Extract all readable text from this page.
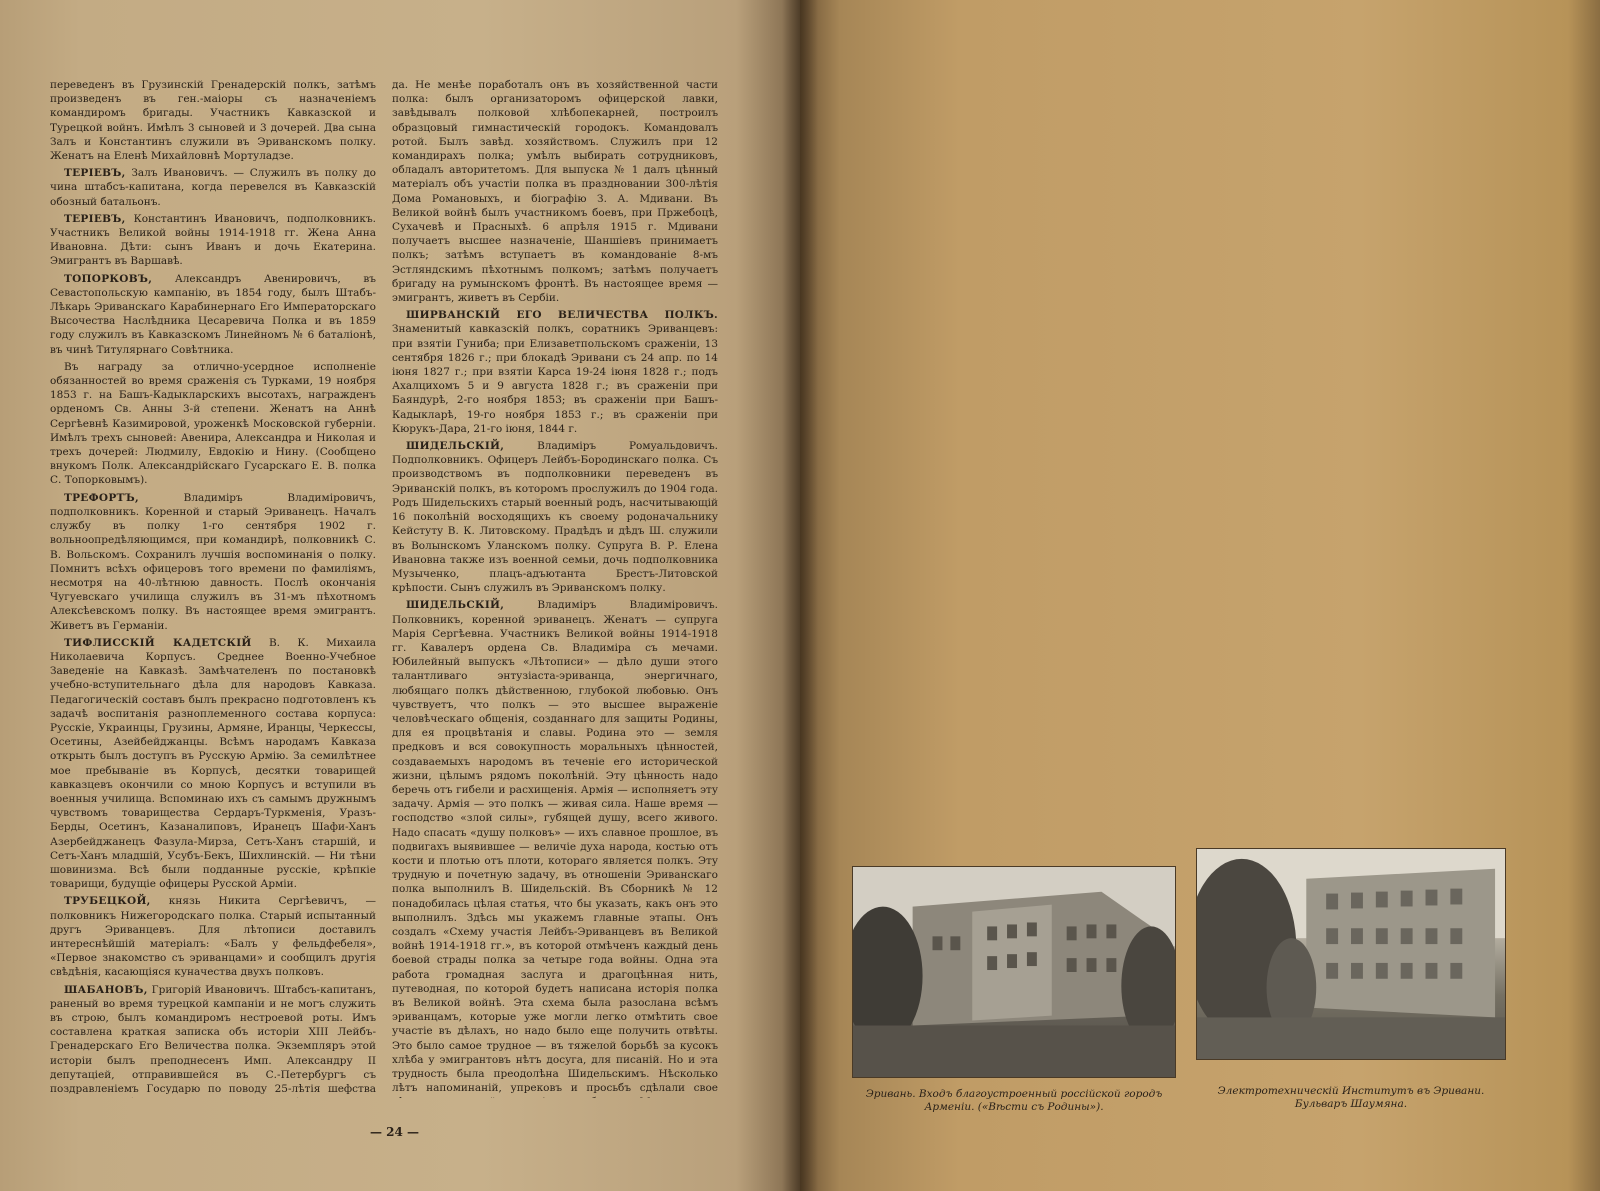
переведенъ въ Грузинскій Гренадерскій полкъ, затѣмъ произведенъ въ ген.-маіоры съ назначеніемъ командиромъ бригады. Участникъ Кавказской и Турецкой войнъ. Имѣлъ 3 сыновей и 3 дочерей. Два сына Залъ и Константинъ служили въ Эриванскомъ полку. Женатъ на Еленѣ Михайловнѣ Мортуладзе.

ТЕРІЕВЪ, Залъ Ивановичъ. — Служилъ въ полку до чина штабсъ-капитана, когда перевелся въ Кавказскій обозный батальонъ.

ТЕРІЕВЪ, Константинъ Ивановичъ, подполковникъ. Участникъ Великой войны 1914-1918 гг. Жена Анна Ивановна. Дѣти: сынъ Иванъ и дочь Екатерина. Эмигрантъ въ Варшавѣ.

ТОПОРКОВЪ, Александръ Авенировичъ, въ Севастопольскую кампанію, въ 1854 году, былъ Штабъ-Лѣкарь Эриванскаго Карабинернаго Его Императорскаго Высочества Наслѣдника Цесаревича Полка и въ 1859 году служилъ въ Кавказскомъ Линейномъ № 6 баталіонѣ, въ чинѣ Титулярнаго Совѣтника.

Въ награду за отлично-усердное исполненіе обязанностей во время сраженія съ Турками, 19 ноября 1853 г. на Башъ-Кадыкларскихъ высотахъ, награжденъ орденомъ Св. Анны 3-й степени. Женатъ на Аннѣ Сергѣевнѣ Казимировой, уроженкѣ Московской губерніи. Имѣлъ трехъ сыновей: Авенира, Александра и Николая и трехъ дочерей: Людмилу, Евдокію и Нину. (Сообщено внукомъ Полк. Александрійскаго Гусарскаго Е. В. полка С. Топорковымъ).

ТРЕФОРТЪ,	Владиміръ Владиміровичъ, подполковникъ. Коренной и старый Эриванецъ. Началъ службу въ полку 1-го сентября 1902 г. вольноопредѣляющимся, при командирѣ, полковникѣ С. В. Вольскомъ. Сохранилъ лучшія воспоминанія о полку. Помнитъ всѣхъ офицеровъ того времени по фамиліямъ, несмотря на 40-лѣтнюю давность. Послѣ окончанія Чугуевскаго училища служилъ въ 31-мъ пѣхотномъ Алексѣевскомъ полку. Въ настоящее время эмигрантъ. Живетъ въ Германіи.

ТИФЛИССКІЙ КАДЕТСКІЙ В. К. Михаила Николаевича Корпусъ. Среднее Военно-Учебное Заведеніе на Кавказѣ. Замѣчателенъ по постановкѣ учебно-вступительнаго дѣла для народовъ Кавказа. Педагогическій составъ былъ прекрасно подготовленъ къ задачѣ воспитанія разноплеменного состава корпуса: Русскіе, Украинцы, Грузины, Армяне, Иранцы, Черкессы, Осетины, Азейбейджанцы. Всѣмъ народамъ Кавказа открыть былъ доступъ въ Русскую Армію. За семилѣтнее мое пребываніе въ Корпусѣ, десятки товарищей кавказцевъ окончили со мною Корпусъ и вступили въ военныя училища. Вспоминаю ихъ съ самымъ дружнымъ чувствомъ товарищества Сердаръ-Туркменія, Уразъ-Берды, Осетинъ, Казаналиповъ, Иранецъ Шафи-Ханъ Азербейджанецъ Фазула-Мирза, Сетъ-Ханъ старшій, и Сетъ-Ханъ младшій, Усубъ-Бекъ, Шихлинскій. — Ни тѣни шовинизма. Всѣ были подданные русскіе, крѣпкіе товарищи, будущіе офицеры Русской Арміи.

ТРУБЕЦКОЙ, князь Никита Сергѣевичъ, — полковникъ Нижегородскаго полка. Старый испытанный другъ Эриванцевъ. Для лѣтописи доставилъ интереснѣйшій матеріалъ: «Балъ у фельдфебеля», «Первое знакомство съ эриванцами» и сообщилъ другія свѣдѣнія, касающіяся куначества двухъ полковъ.

ШАБАНОВЪ, Григорій Ивановичъ. Штабсъ-капитанъ, раненый во время турецкой кампаніи и не могъ служить въ строю, былъ командиромъ нестроевой роты. Имъ составлена краткая записка объ исторіи XIII Лейбъ-Гренадерскаго Его Величества полка. Экземпляръ этой исторіи былъ преподнесенъ Имп. Александру II депутаціей, отправившейся въ С.-Петербургъ съ поздравленіемъ Государю по поводу 25-лѣтія шефства

да. Не менѣе поработалъ онъ въ хозяйственной части полка: былъ организаторомъ офицерской лавки, завѣдывалъ полковой хлѣбопекарней, построилъ образцовый гимнастическій городокъ. Командовалъ ротой. Былъ завѣд. хозяйствомъ. Служилъ при 12 командирахъ полка; умѣлъ выбирать сотрудниковъ, обладалъ авторитетомъ. Для выпуска № 1 далъ цѣнный матеріалъ объ участіи полка въ праздновании 300-лѣтія Дома Романовыхъ, и біографію З. А. Мдивани. Въ Великой войнѣ былъ участникомъ боевъ, при Пржебоцѣ, Сухачевѣ и Прасныхѣ. 6 апрѣля 1915 г. Мдивани получаетъ высшее назначеніе, Шаншіевъ принимаетъ полкъ; затѣмъ вступаетъ въ командованіе 8-мъ Эстляндскимъ пѣхотнымъ полкомъ; затѣмъ получаетъ бригаду на румынскомъ фронтѣ. Въ настоящее время — эмигрантъ, живетъ въ Сербіи.

ШИРВАНСКІЙ ЕГО ВЕЛИЧЕСТВА ПОЛКЪ. Знаменитый кавказскій полкъ, соратникъ Эриванцевъ: при взятіи Гуниба; при Елизаветпольскомъ сраженіи, 13 сентября 1826 г.; при блокадѣ Эривани съ 24 апр. по 14 іюня 1827 г.; при взятіи Карса 19-24 іюня 1828 г.; подъ Ахалцихомъ 5 и 9 августа 1828 г.; въ сраженіи при Баяндурѣ, 2-го ноября 1853; въ сраженіи при Башъ-Кадыкларѣ, 19-го ноября 1853 г.; въ сраженіи при Кюрукъ-Дара, 21-го іюня, 1844 г.

ШИДЕЛЬСКІЙ,	Владиміръ Ромуальдовичъ. Подполковникъ. Офицеръ Лейбъ-Бородинскаго полка. Съ производствомъ въ подполковники переведенъ въ Эриванскій полкъ, въ которомъ прослужилъ до 1904 года. Родъ Шидельскихъ старый военный родъ, насчитывающій 16 поколѣній восходящихъ къ своему родоначальнику Кейстуту В. К. Литовскому. Прадѣдъ и дѣдъ Ш. служили въ Волынскомъ Уланскомъ полку. Супруга В. Р. Елена Ивановна также изъ военной семьи, дочь подполковника Музыченко, плацъ-адъютанта Брестъ-Литовской крѣпости. Сынъ служилъ въ Эриванскомъ полку.

ШИДЕЛЬСКІЙ,	Владиміръ Владиміровичъ. Полковникъ, коренной эриванецъ. Женатъ — супруга Марія Сергѣевна. Участникъ Великой войны 1914-1918 гг. Кавалеръ ордена Св. Владиміра съ мечами. Юбилейный выпускъ «Лѣтописи» — дѣло души этого талантливаго энтузіаста-эриванца, энергичнаго, любящаго полкъ дѣйственною, глубокой любовью. Онъ чувствуетъ, что полкъ — это высшее выраженіе человѣческаго общенія, созданнаго для защиты Родины, для ея процвѣтанія и славы. Родина это — земля предковъ и вся совокупность моральныхъ цѣнностей, создаваемыхъ народомъ въ теченіе его исторической жизни, цѣлымъ рядомъ поколѣній. Эту цѣнность надо беречь отъ гибели и расхищенія. Армія — исполняетъ эту задачу. Армія — это полкъ — живая сила. Наше время — господство «злой силы», губящей душу, всего живого. Надо спасать «душу полковъ» — ихъ славное прошлое, въ подвигахъ выявившее — величіе духа народа, костью отъ кости и плотью отъ плоти, котораго является полкъ. Эту трудную и почетную задачу, въ отношеніи Эриванскаго полка выполнилъ В. Шидельскій. Въ Сборникѣ № 12 понадобилась цѣлая статья, что бы указать, какъ онъ это выполнилъ. Здѣсь мы укажемъ главные этапы. Онъ создалъ «Схему участія Лейбъ-Эриванцевъ въ Великой войнѣ 1914-1918 гг.», въ которой отмѣченъ каждый день боевой страды полка за четыре года войны. Одна эта работа громадная заслуга и драгоцѣнная нить, путеводная, по которой будетъ написана исторія полка въ Великой войнѣ. Эта схема была разослана всѣмъ эриванцамъ, которые уже могли легко отмѣтить свое участіе въ дѣлахъ, но надо было еще получить отвѣты. Это было самое трудное — въ тяжелой борьбѣ за кусокъ хлѣба у эмигрантовъ нѣтъ досуга, для писаній. Но и эта трудность была преодолѣна Шидельскимъ. Нѣсколько лѣтъ напоминаній, упрековъ и просьбъ сдѣлали свое

— 24 —

Эривань. Входъ благоустроенный россійской городъ Арменіи. («Вѣсти съ Родины»).
Электротехническій Институтъ въ Эривани. Бульваръ Шаумяна.
